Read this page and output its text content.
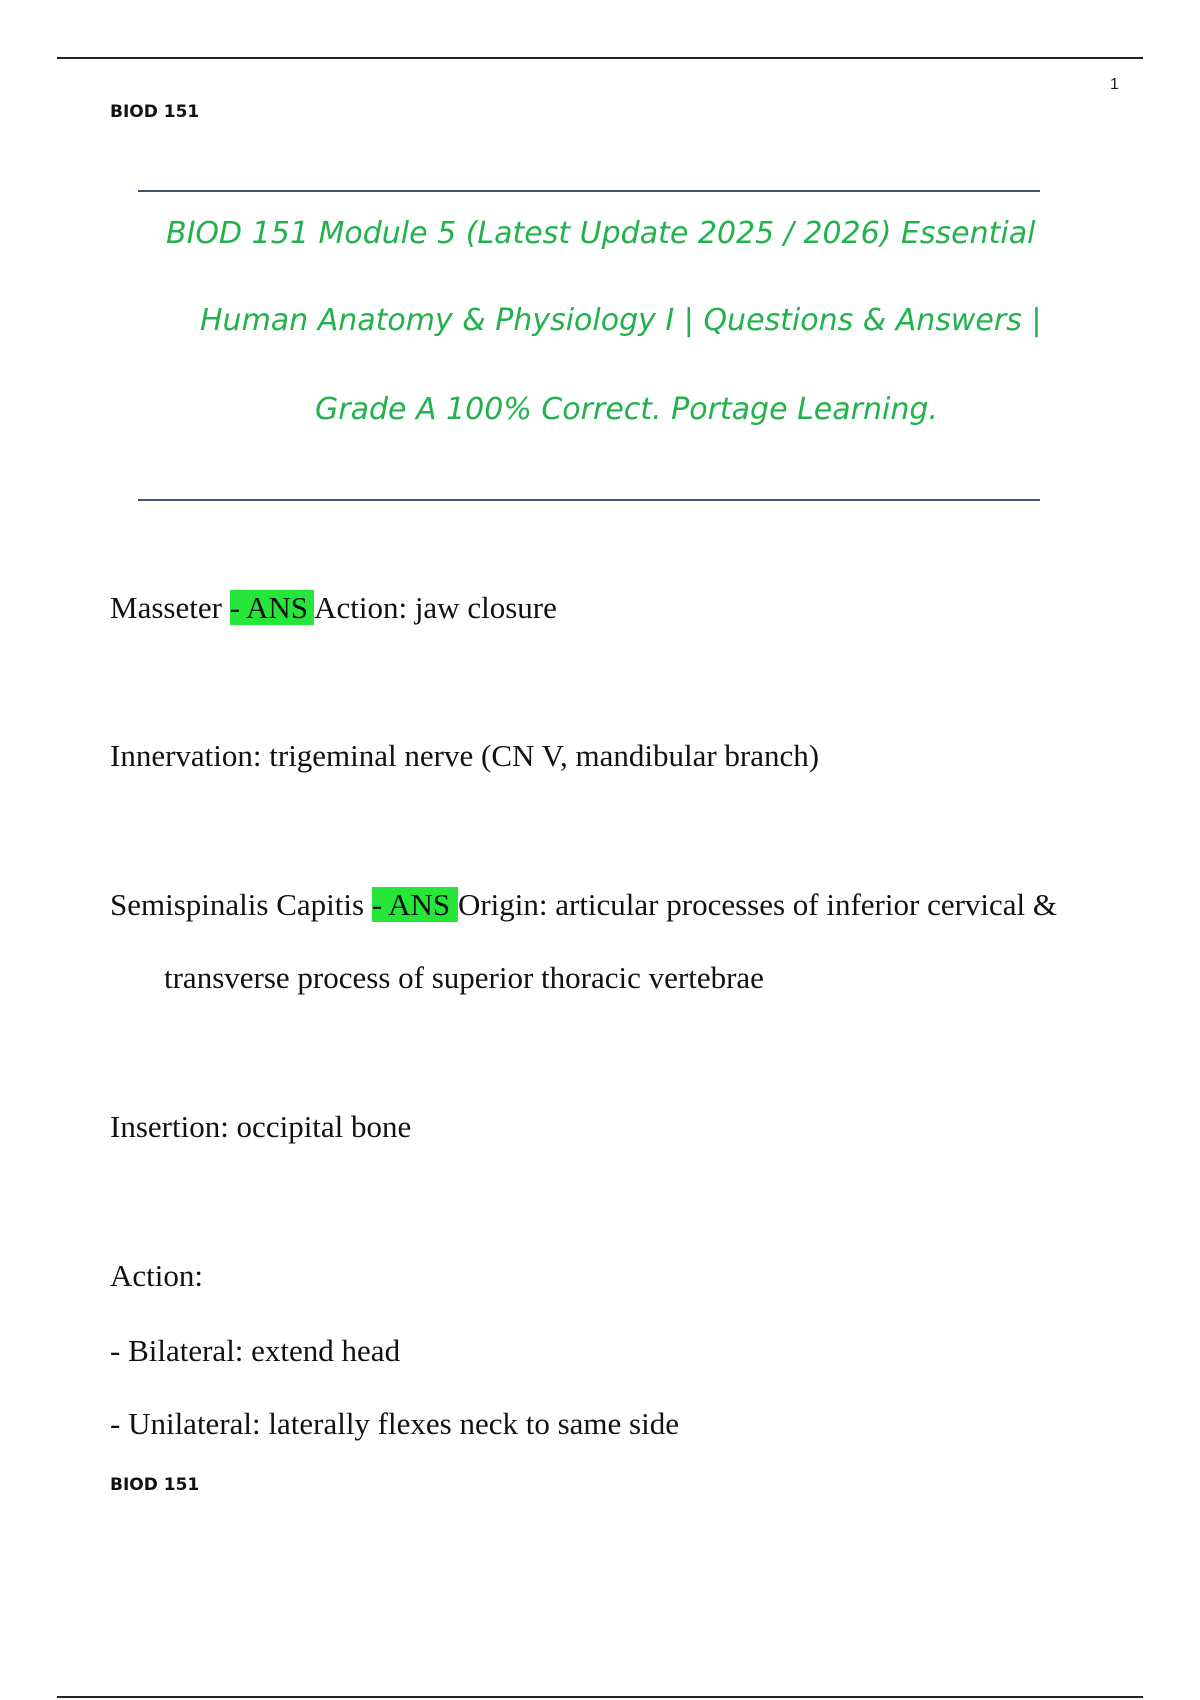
1
BIOD 151
BIOD 151 Module 5 (Latest Update 2025 / 2026) Essential
Human Anatomy & Physiology I | Questions & Answers |
Grade A 100% Correct. Portage Learning.
Masseter - ANS Action: jaw closure
Innervation: trigeminal nerve (CN V, mandibular branch)
Semispinalis Capitis - ANS Origin: articular processes of inferior cervical &
transverse process of superior thoracic vertebrae
Insertion: occipital bone
Action:
- Bilateral: extend head
- Unilateral: laterally flexes neck to same side
BIOD 151
